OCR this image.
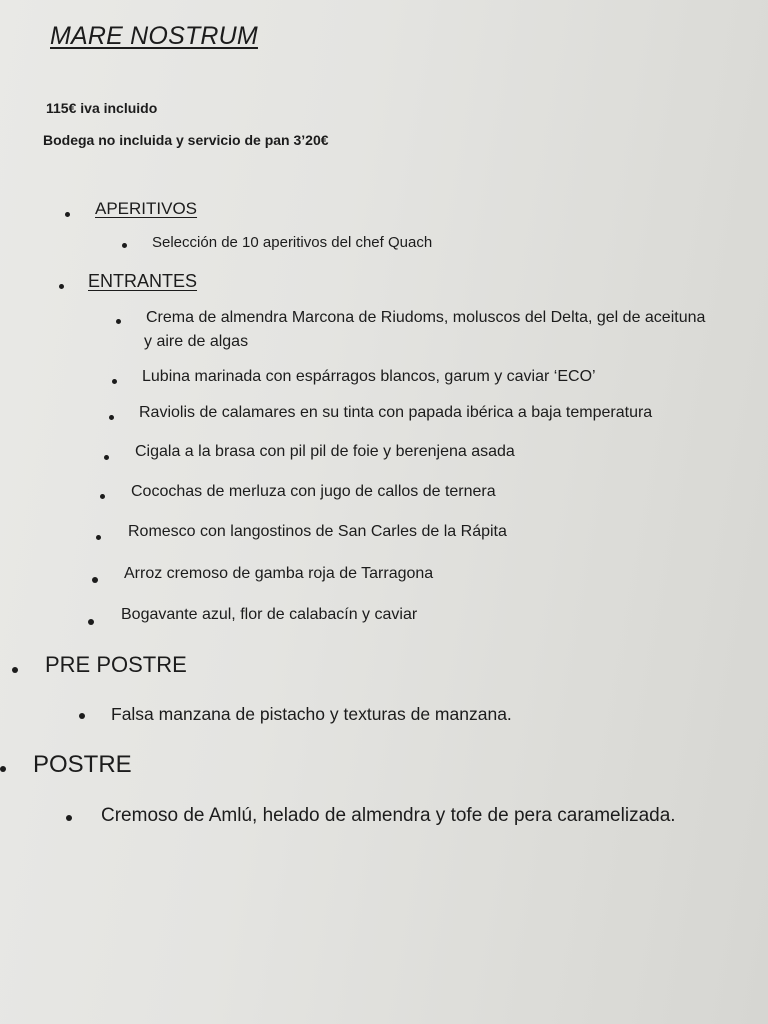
MARE NOSTRUM
115€ iva incluido
Bodega no incluida y servicio de pan 3’20€
APERITIVOS
Selección de 10 aperitivos del chef Quach
ENTRANTES
Crema de almendra Marcona de Riudoms, moluscos del Delta, gel de aceituna
y aire de algas
Lubina marinada con espárragos blancos, garum y caviar ‘ECO’
Raviolis de calamares en su tinta con papada ibérica a baja temperatura
Cigala a la brasa con pil pil de foie y berenjena asada
Cocochas de merluza con jugo de callos de ternera
Romesco con langostinos de San Carles de la Rápita
Arroz cremoso de gamba roja de Tarragona
Bogavante azul, flor de calabacín y caviar
PRE POSTRE
Falsa manzana de pistacho y texturas de manzana.
POSTRE
Cremoso de Amlú, helado de almendra y tofe de pera caramelizada.
